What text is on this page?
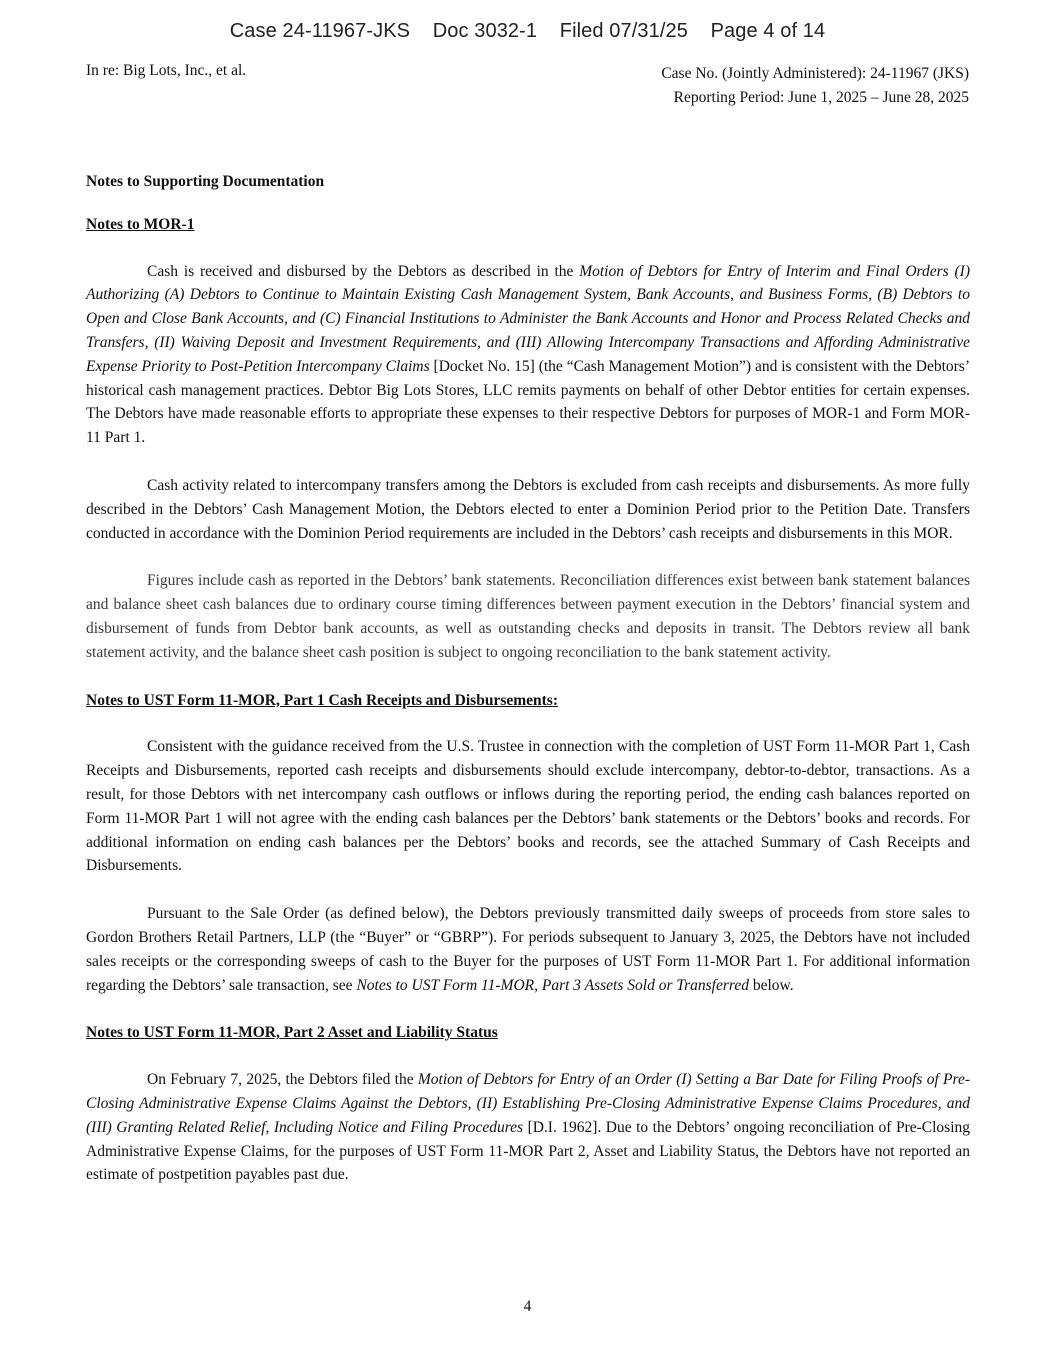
Case 24-11967-JKS Doc 3032-1 Filed 07/31/25 Page 4 of 14
In re: Big Lots, Inc., et al.	Case No. (Jointly Administered): 24-11967 (JKS)
Reporting Period: June 1, 2025 – June 28, 2025
Notes to Supporting Documentation
Notes to MOR-1

Cash is received and disbursed by the Debtors as described in the Motion of Debtors for Entry of Interim and Final Orders (I) Authorizing (A) Debtors to Continue to Maintain Existing Cash Management System, Bank Accounts, and Business Forms, (B) Debtors to Open and Close Bank Accounts, and (C) Financial Institutions to Administer the Bank Accounts and Honor and Process Related Checks and Transfers, (II) Waiving Deposit and Investment Requirements, and (III) Allowing Intercompany Transactions and Affording Administrative Expense Priority to Post-Petition Intercompany Claims [Docket No. 15] (the “Cash Management Motion”) and is consistent with the Debtors’ historical cash management practices. Debtor Big Lots Stores, LLC remits payments on behalf of other Debtor entities for certain expenses. The Debtors have made reasonable efforts to appropriate these expenses to their respective Debtors for purposes of MOR-1 and Form MOR-11 Part 1.

Cash activity related to intercompany transfers among the Debtors is excluded from cash receipts and disbursements. As more fully described in the Debtors’ Cash Management Motion, the Debtors elected to enter a Dominion Period prior to the Petition Date. Transfers conducted in accordance with the Dominion Period requirements are included in the Debtors’ cash receipts and disbursements in this MOR.

Figures include cash as reported in the Debtors’ bank statements. Reconciliation differences exist between bank statement balances and balance sheet cash balances due to ordinary course timing differences between payment execution in the Debtors’ financial system and disbursement of funds from Debtor bank accounts, as well as outstanding checks and deposits in transit. The Debtors review all bank statement activity, and the balance sheet cash position is subject to ongoing reconciliation to the bank statement activity.

Notes to UST Form 11-MOR, Part 1 Cash Receipts and Disbursements:

Consistent with the guidance received from the U.S. Trustee in connection with the completion of UST Form 11-MOR Part 1, Cash Receipts and Disbursements, reported cash receipts and disbursements should exclude intercompany, debtor-to-debtor, transactions. As a result, for those Debtors with net intercompany cash outflows or inflows during the reporting period, the ending cash balances reported on Form 11-MOR Part 1 will not agree with the ending cash balances per the Debtors’ bank statements or the Debtors’ books and records. For additional information on ending cash balances per the Debtors’ books and records, see the attached Summary of Cash Receipts and Disbursements.

Pursuant to the Sale Order (as defined below), the Debtors previously transmitted daily sweeps of proceeds from store sales to Gordon Brothers Retail Partners, LLP (the “Buyer” or “GBRP”). For periods subsequent to January 3, 2025, the Debtors have not included sales receipts or the corresponding sweeps of cash to the Buyer for the purposes of UST Form 11-MOR Part 1. For additional information regarding the Debtors’ sale transaction, see Notes to UST Form 11-MOR, Part 3 Assets Sold or Transferred below.

Notes to UST Form 11-MOR, Part 2 Asset and Liability Status

On February 7, 2025, the Debtors filed the Motion of Debtors for Entry of an Order (I) Setting a Bar Date for Filing Proofs of Pre-Closing Administrative Expense Claims Against the Debtors, (II) Establishing Pre-Closing Administrative Expense Claims Procedures, and (III) Granting Related Relief, Including Notice and Filing Procedures [D.I. 1962]. Due to the Debtors’ ongoing reconciliation of Pre-Closing Administrative Expense Claims, for the purposes of UST Form 11-MOR Part 2, Asset and Liability Status, the Debtors have not reported an estimate of postpetition payables past due.

4
